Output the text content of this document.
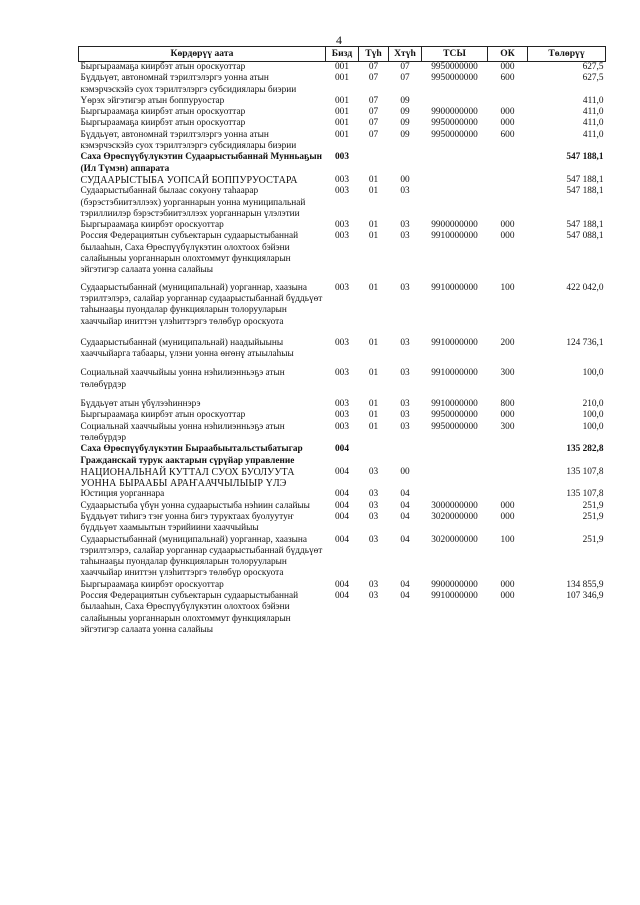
4
Көрдөрүү аата	Бизд	Түһ	Хтүһ	ТСЫ	ОК	Төлөрүү
Быргыраамаҕа киирбэт атын ороскуоттар	001	07	07	9950000000	000	627,5
Бүддьүөт, автономнай тэрилтэлэргэ уонна атын кэмэрчэскэйэ суох тэрилтэлэргэ субсидиялары биэрии	001	07	07	9950000000	600	627,5
Үөрэх эйгэтигэр атын боппуруостар	001	07	09			411,0
Быргыраамаҕа киирбэт атын ороскуоттар	001	07	09	9900000000	000	411,0
Быргыраамаҕа киирбэт атын ороскуоттар	001	07	09	9950000000	000	411,0
Бүддьүөт, автономнай тэрилтэлэргэ уонна атын кэмэрчэскэйэ суох тэрилтэлэргэ субсидиялары биэрии	001	07	09	9950000000	600	411,0
Саха Өрөспүүбүлүкэтин Судаарыстыбаннай Мунньаҕын (Ил Түмэн) аппарата	003					547 188,1
СУДААРЫСТЫБА УОПСАЙ БОППУРУОСТАРА	003	01	00			547 188,1
Судаарыстыбаннай былаас сокуону таһаарар (бэрэстэбиитэллээх) уорганнарын уонна муниципальнай тэриллиилэр бэрэстэбиитэллээх уорганнарын үлэлэтии	003	01	03			547 188,1
Быргыраамаҕа киирбэт ороскуоттар	003	01	03	9900000000	000	547 188,1
Россия Федерациятын субъектарын судаарыстыбаннай былааһын, Саха Өрөспүүбүлүкэтин олохтоох бэйэни салайыныы уорганнарын олохтоммут функцияларын эйгэтигэр салаата уонна салайыы	003	01	03	9910000000	000	547 088,1
Судаарыстыбаннай (муниципальнай) уорганнар, хаазына тэрилтэлэрэ, салайар уорганнар судаарыстыбаннай бүддьүөт таһынааҕы пуондалар функцияларын толорууларын хааччыйар иниттэн үлэһиттэргэ төлөбүр ороскуота	003	01	03	9910000000	100	422 042,0
Судаарыстыбаннай (муниципальнай) наадыйыыны хааччыйарга табаары, үлэни уонна өҥөнү атыылаһыы	003	01	03	9910000000	200	124 736,1
Социальнай хааччыйыы уонна нэһилиэнньэҕэ атын төлөбүрдэр	003	01	03	9910000000	300	100,0
Бүддьүөт атын үбүлээһиннэрэ	003	01	03	9910000000	800	210,0
Быргыраамаҕа киирбэт атын ороскуоттар	003	01	03	9950000000	000	100,0
Социальнай хааччыйыы уонна нэһилиэнньэҕэ атын төлөбүрдэр	003	01	03	9950000000	300	100,0
Саха Өрөспүүбүлүкэтин Быраабыытальстыбатыгар Гражданскай турук аактарын сүрүйар управление	004					135 282,8
НАЦИОНАЛЬНАЙ КУТТАЛ СУОХ БУОЛУУТА УОННА БЫРААБЫ АРАҤААЧЧЫЛЫЫР ҮЛЭ	004	03	00			135 107,8
Юстиция уорганнара	004	03	04			135 107,8
Судаарыстыба үбүн уонна судаарыстыба нэһиин салайыы	004	03	04	3000000000	000	251,9
Бүддьүөт тиһигэ тэҥ уонна бигэ туруктаах буолуутуҥ бүддьүөт хаамыытын тэрийиини хааччыйыы	004	03	04	3020000000	000	251,9
Судаарыстыбаннай (муниципальнай) уорганнар, хаазына тэрилтэлэрэ, салайар уорганнар судаарыстыбаннай бүддьүөт таһынааҕы пуондалар функцияларын толорууларын хааччыйар иниттэн үлэһиттэргэ төлөбүр ороскуота	004	03	04	3020000000	100	251,9
Быргыраамаҕа киирбэт ороскуоттар	004	03	04	9900000000	000	134 855,9
Россия Федерациятын субъектарын судаарыстыбаннай былааһын, Саха Өрөспүүбүлүкэтин олохтоох бэйэни салайыныы уорганнарын олохтоммут функцияларын эйгэтигэр салаата уонна салайыы	004	03	04	9910000000	000	107 346,9
